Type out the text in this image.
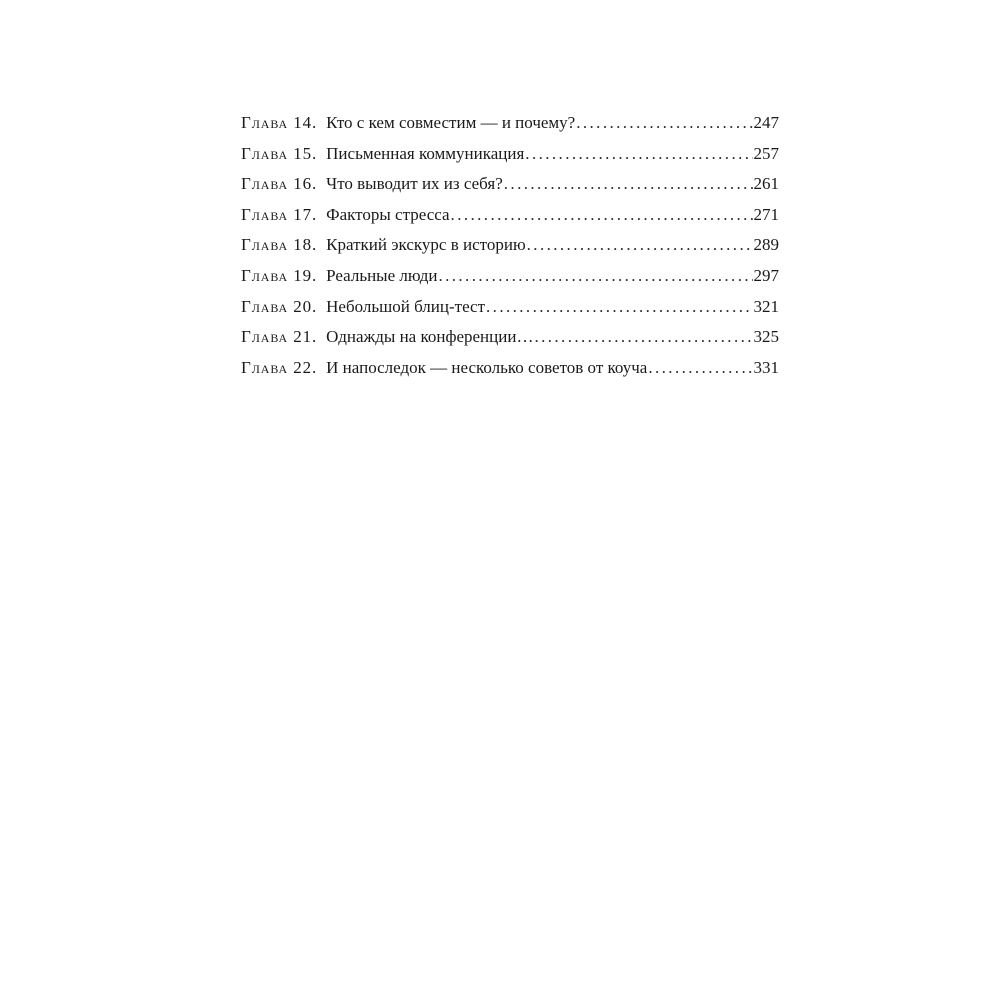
Глава 14. Кто с кем совместим — и почему? .....	247
Глава 15. Письменная коммуникация .....	257
Глава 16. Что выводит их из себя? .....	261
Глава 17. Факторы стресса .....	271
Глава 18. Краткий экскурс в историю .....	289
Глава 19. Реальные люди .....	297
Глава 20. Небольшой блиц-тест .....	321
Глава 21. Однажды на конференции… .....	325
Глава 22. И напоследок — несколько советов от коуча .....	331
